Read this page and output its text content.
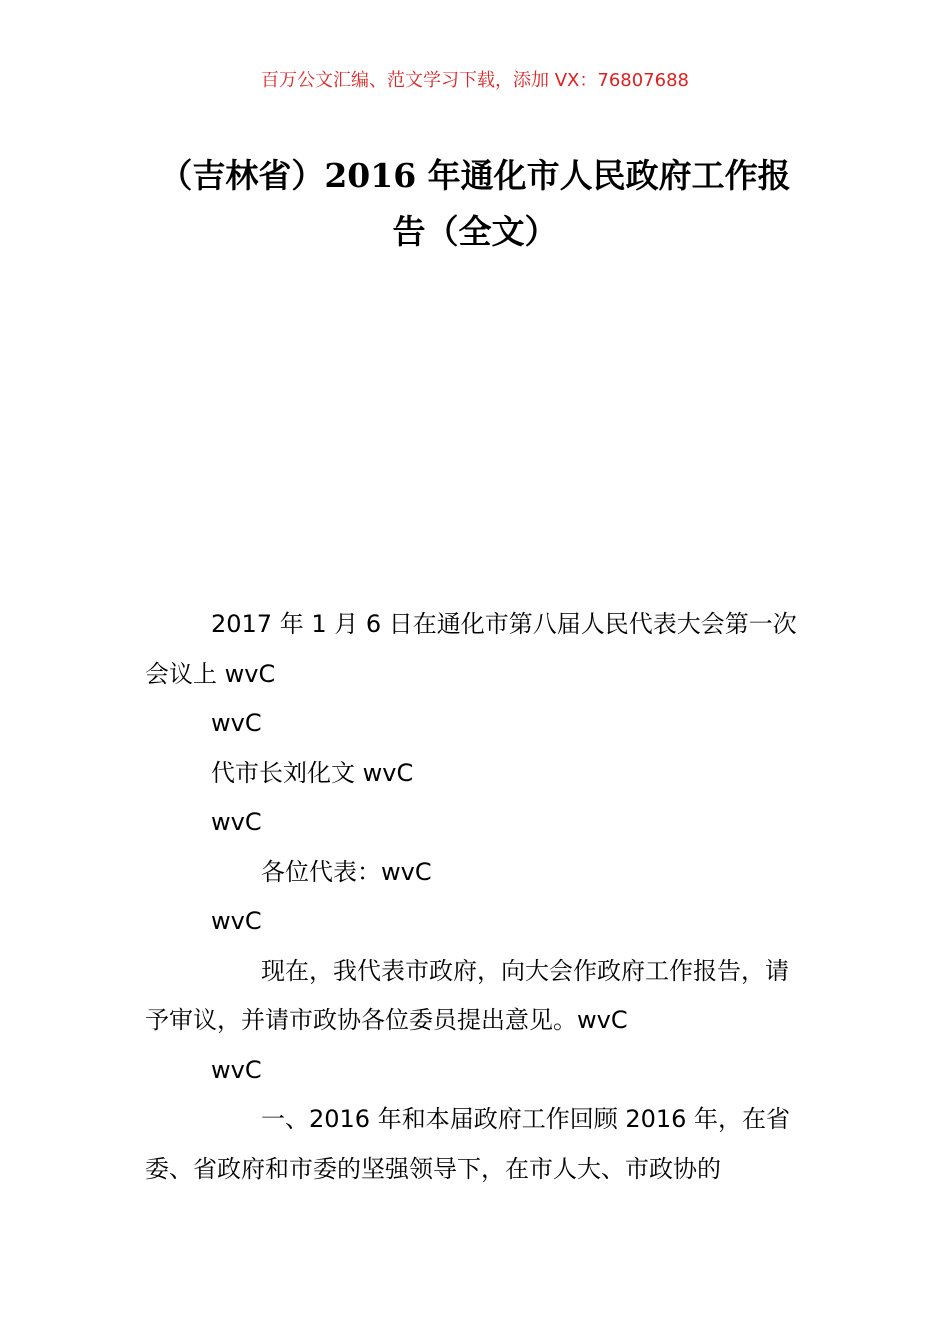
百万公文汇编、范文学习下载，添加 VX：76807688
（吉林省）2016 年通化市人民政府工作报告（全文）

2017 年 1 月 6 日在通化市第八届人民代表大会第一次会议上 wvC

wvC

代市长刘化文 wvC

wvC

各位代表：wvC

wvC

现在，我代表市政府，向大会作政府工作报告，请予审议，并请市政协各位委员提出意见。wvC

wvC

一、2016 年和本届政府工作回顾 2016 年，在省委、省政府和市委的坚强领导下，在市人大、市政协的
